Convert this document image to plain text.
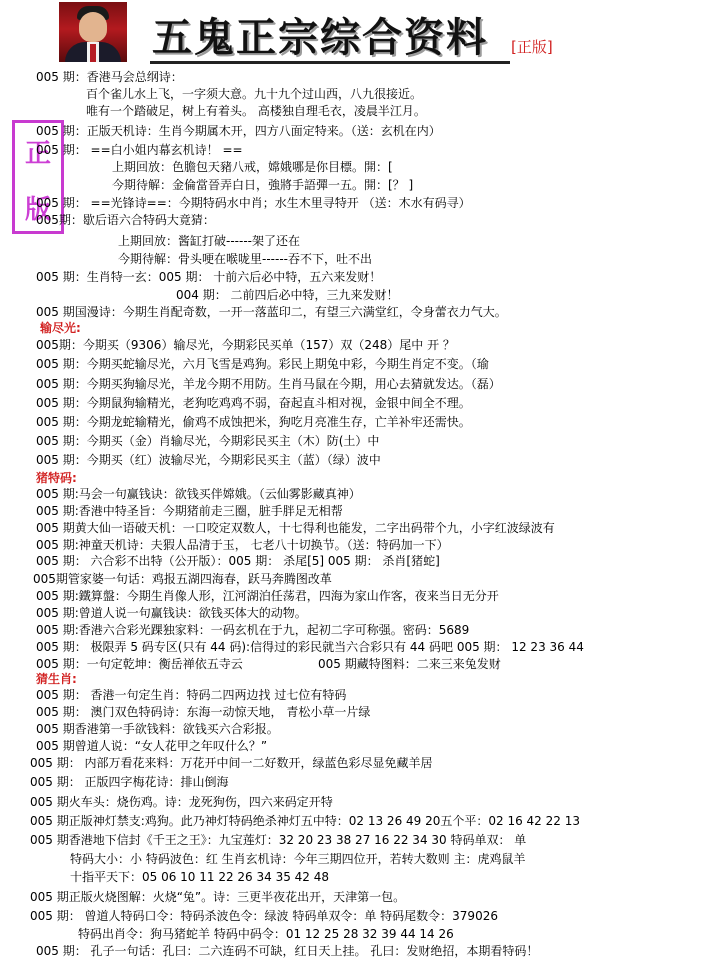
五鬼正宗综合资料 [正版]
正
版
005 期：香港马会总纲诗：
百个雀儿水上飞，一字须大意。九十九个过山西，八九很接近。
唯有一个踏破足，树上有着头。 高楼独自理毛衣，凌晨半江月。
005 期：正版天机诗：生肖今期属木开，四方八面定特来。（送：玄机在内）
005 期： ==白小姐内幕玄机诗！ ==
上期回放：色膽包天豬八戒，嫦娥哪是你目標。開：[
今期待解：金倫當晉弄白日，強將手語彈一五。開：[？ ]
005 期： ==光锋诗==：今期特码水中肖；水生木里寻特开 （送：木水有码寻）
005期：歇后语六合特码大竟猜：
上期回放：酱缸打破------架了还在
今期待解：骨头哽在喉咙里------吞不下，吐不出
005 期：生肖特一玄：005 期： 十前六后必中特，五六来发财！
004 期： 二前四后必中特，三九来发财！
005 期国漫诗：今期生肖配奇数，一开一落蓝印二，有望三六满堂红，令身蕾衣力气大。
输尽光:
005期：今期买（9306）输尽光，今期彩民买单（157）双（248）尾中 开 ？
005 期：今期买蛇输尽光，六月飞雪是鸡狗。彩民上期兔中彩，今期生肖定不变。（瑜
005 期：今期买狗输尽光，羊龙今期不用防。生肖马鼠在今期，用心去猜就发达。（磊）
005 期：今期鼠狗输精光，老狗吃鸡鸡不弱，奋起直斗相对视，金银中间全不理。
005 期：今期龙蛇输精光，偷鸡不成蚀把米，狗吃月亮准生存，亡羊补牢还需快。
005 期：今期买（金）肖输尽光，今期彩民买主（木）防(土）中
005 期：今期买（红）波输尽光，今期彩民买主（蓝）（绿）波中
猪特码:
005 期:马会一句赢钱诀：欲钱买伴嫦娥。（云仙雾影藏真神）
005 期:香港中特圣旨：今期猪前走三圈，脏手胖足无相帮
005 期黄大仙一语破天机：一口咬定双数人，十七得利也能发，二字出码带个九，小字红波绿波有
005 期:神童天机诗：夫猳人品清于玉， 七老八十切换节。（送：特码加一下）
005 期： 六合彩不出特（公开版）：005 期： 杀尾[5] 005 期： 杀肖[猪蛇]
005期管家婆一句话：鸡报五湖四海春，跃马奔腾图改革
005 期:鐵算盤：今期生肖像人形，江河湖泊任荡君，四海为家山作客，夜来当日无分开
005 期:曾道人说一句赢钱诀：欲钱买体大的动物。
005 期:香港六合彩光踝独家料：一码玄机在于九，起初二字可称强。密码：5689
005 期： 极限弄 5 码专区(只有 44 码):信得过的彩民就当六合彩只有 44 码吧 005 期： 12 23 36 44
005 期：一句定乾坤：衡岳禅依五寺云	005 期藏特图料：二来三来兔发财
猜生肖:
005 期： 香港一句定生肖：特码二四两边找 过七位有特码
005 期： 澳门双色特码诗：东海一动惊天地， 青松小草一片绿
005 期香港第一手欲钱料：欲钱买六合彩报。
005 期曾道人说：“女人花甲之年叹什么？”
005 期： 内部万看花来料：万花开中间一二好数开，绿蓝色彩尽显免藏羊居
005 期： 正版四字梅花诗：排山倒海
005 期火车头：烧伤鸡。诗：龙死狗伤，四六来码定开特
005 期正版神灯禁支:鸡狗。此乃神灯特码绝杀神灯五中特：02 13 26 49 20五个平：02 16 42 22 13
005 期香港地下信封《千王之王》：九宝莲灯：32 20 23 38 27 16 22 34 30 特码单双： 单
特码大小：小 特码波色：红 生肖玄机诗：今年三期四位开，若转大数则 主：虎鸡鼠羊
十指平天下：05 06 10 11 22 26 34 35 42 48
005 期正版火烧图解：火烧“兔”。诗：三更半夜花出开，天津第一包。
005 期： 曾道人特码口令：特码杀波色令：绿波 特码单双令：单 特码尾数令：379026
特码出肖令：狗马猪蛇羊 特码中码令：01 12 25 28 32 39 44 14 26
005 期： 孔子一句话：孔曰：二六连码不可缺，红日天上挂。 孔曰：发财绝招，本期看特码！
